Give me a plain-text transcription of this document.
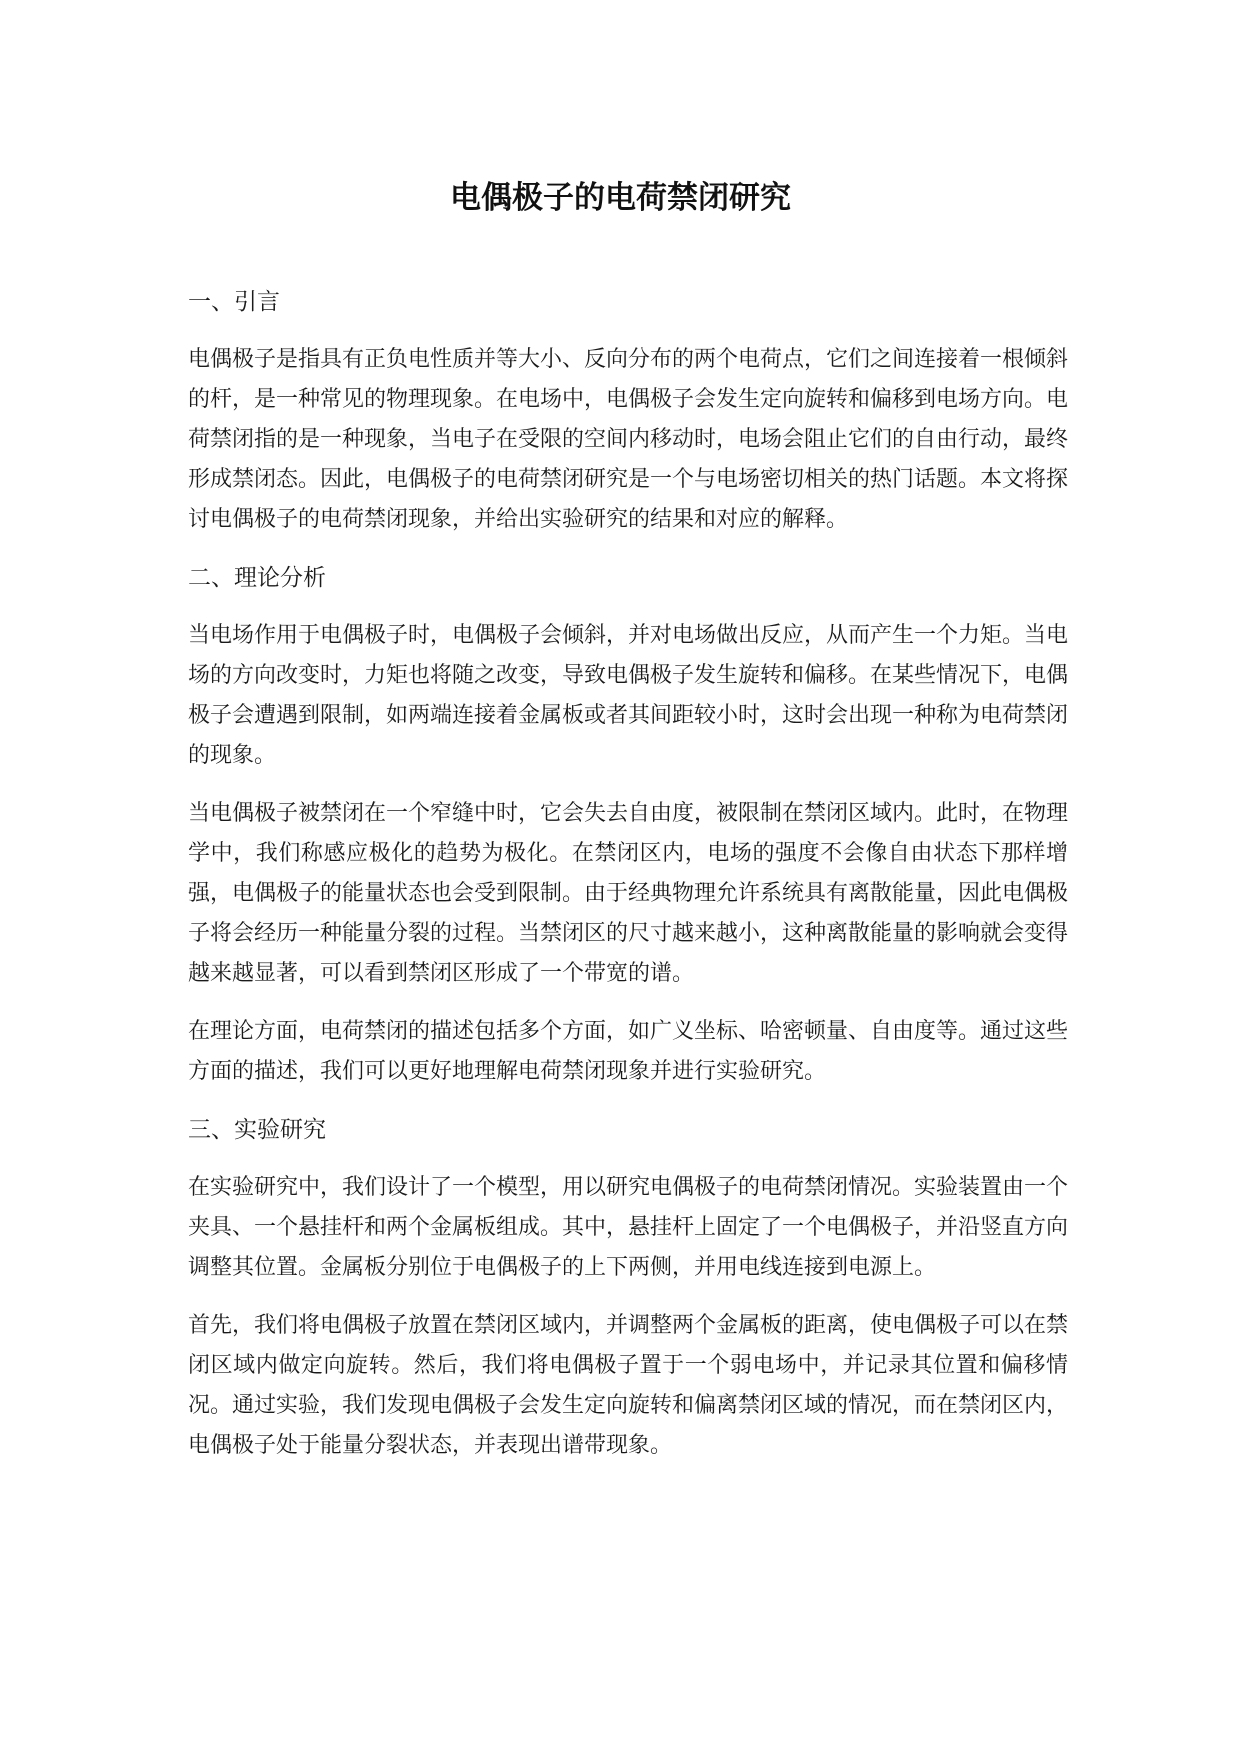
电偶极子的电荷禁闭研究

一、引言

电偶极子是指具有正负电性质并等大小、反向分布的两个电荷点，它们之间连接着一根倾斜的杆，是一种常见的物理现象。在电场中，电偶极子会发生定向旋转和偏移到电场方向。电荷禁闭指的是一种现象，当电子在受限的空间内移动时，电场会阻止它们的自由行动，最终形成禁闭态。因此，电偶极子的电荷禁闭研究是一个与电场密切相关的热门话题。本文将探讨电偶极子的电荷禁闭现象，并给出实验研究的结果和对应的解释。

二、理论分析

当电场作用于电偶极子时，电偶极子会倾斜，并对电场做出反应，从而产生一个力矩。当电场的方向改变时，力矩也将随之改变，导致电偶极子发生旋转和偏移。在某些情况下，电偶极子会遭遇到限制，如两端连接着金属板或者其间距较小时，这时会出现一种称为电荷禁闭的现象。

当电偶极子被禁闭在一个窄缝中时，它会失去自由度，被限制在禁闭区域内。此时，在物理学中，我们称感应极化的趋势为极化。在禁闭区内，电场的强度不会像自由状态下那样增强，电偶极子的能量状态也会受到限制。由于经典物理允许系统具有离散能量，因此电偶极子将会经历一种能量分裂的过程。当禁闭区的尺寸越来越小，这种离散能量的影响就会变得越来越显著，可以看到禁闭区形成了一个带宽的谱。

在理论方面，电荷禁闭的描述包括多个方面，如广义坐标、哈密顿量、自由度等。通过这些方面的描述，我们可以更好地理解电荷禁闭现象并进行实验研究。

三、实验研究

在实验研究中，我们设计了一个模型，用以研究电偶极子的电荷禁闭情况。实验装置由一个夹具、一个悬挂杆和两个金属板组成。其中，悬挂杆上固定了一个电偶极子，并沿竖直方向调整其位置。金属板分别位于电偶极子的上下两侧，并用电线连接到电源上。

首先，我们将电偶极子放置在禁闭区域内，并调整两个金属板的距离，使电偶极子可以在禁闭区域内做定向旋转。然后，我们将电偶极子置于一个弱电场中，并记录其位置和偏移情况。通过实验，我们发现电偶极子会发生定向旋转和偏离禁闭区域的情况，而在禁闭区内，电偶极子处于能量分裂状态，并表现出谱带现象。
